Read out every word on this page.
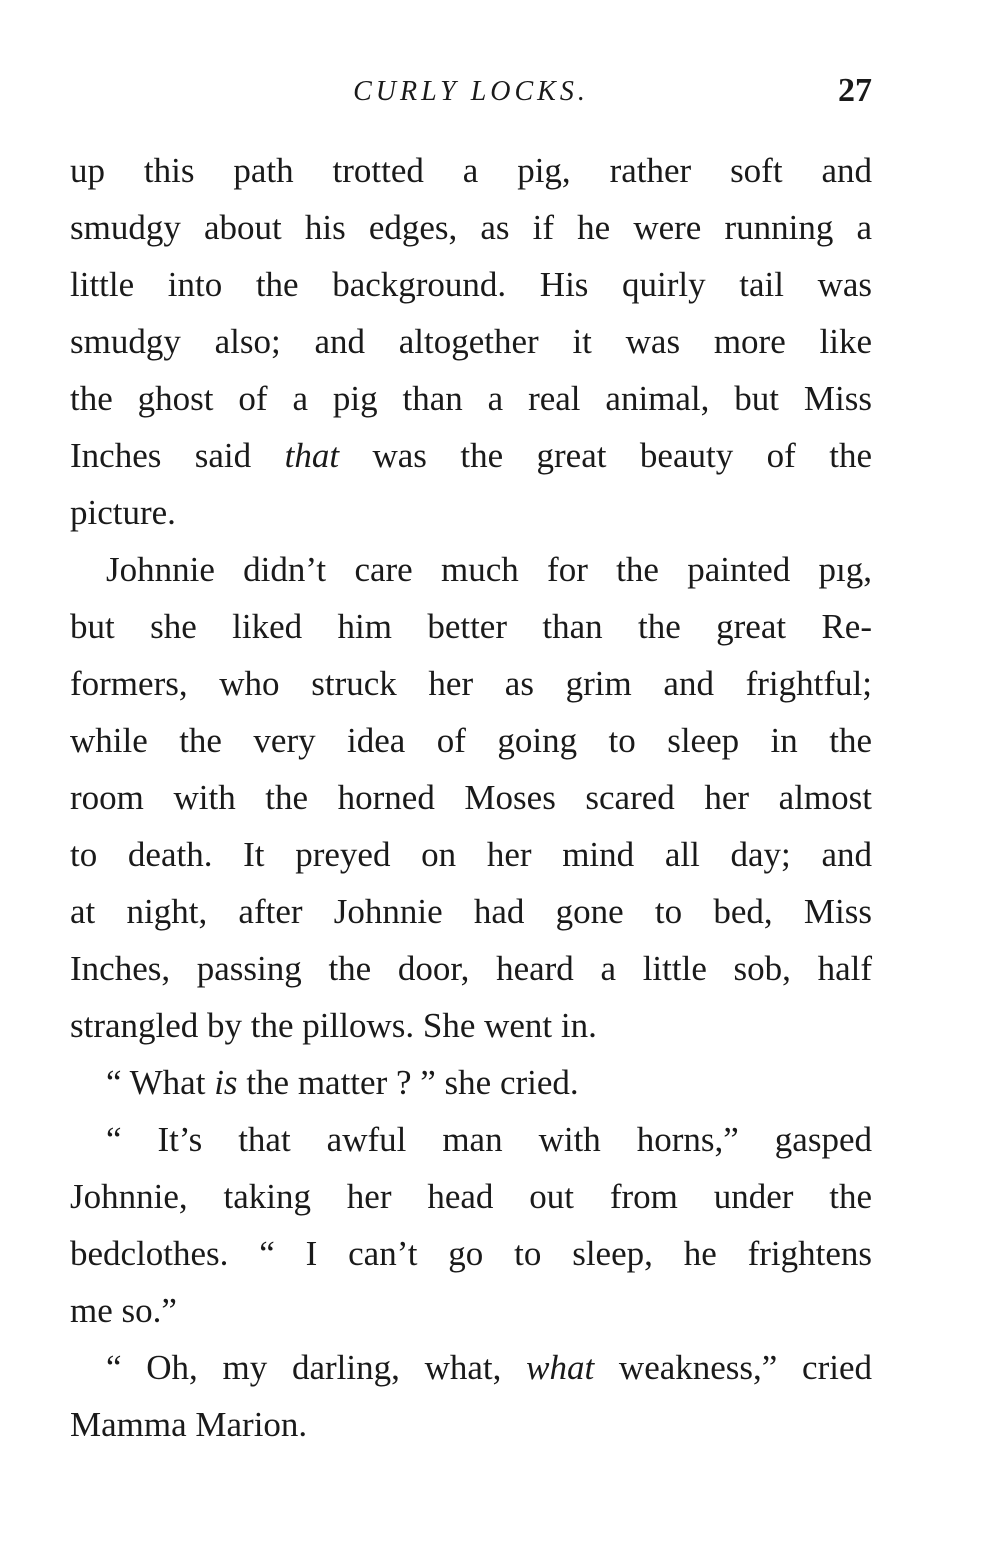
CURLY LOCKS.	27
up this path trotted a pig, rather soft and
smudgy about his edges, as if he were running a
little into the background. His quirly tail was
smudgy also; and altogether it was more like
the ghost of a pig than a real animal, but Miss
Inches said that was the great beauty of the
picture.
Johnnie didn’t care much for the painted pıg,
but she liked him better than the great Re-
formers, who struck her as grim and frightful;
while the very idea of going to sleep in the
room with the horned Moses scared her almost
to death. It preyed on her mind all day; and
at night, after Johnnie had gone to bed, Miss
Inches, passing the door, heard a little sob, half
strangled by the pillows. She went in.
“ What is the matter ? ” she cried.
“ It’s that awful man with horns,” gasped
Johnnie, taking her head out from under the
bedclothes. “ I can’t go to sleep, he frightens
me so.”
“ Oh, my darling, what, what weakness,” cried
Mamma Marion.
